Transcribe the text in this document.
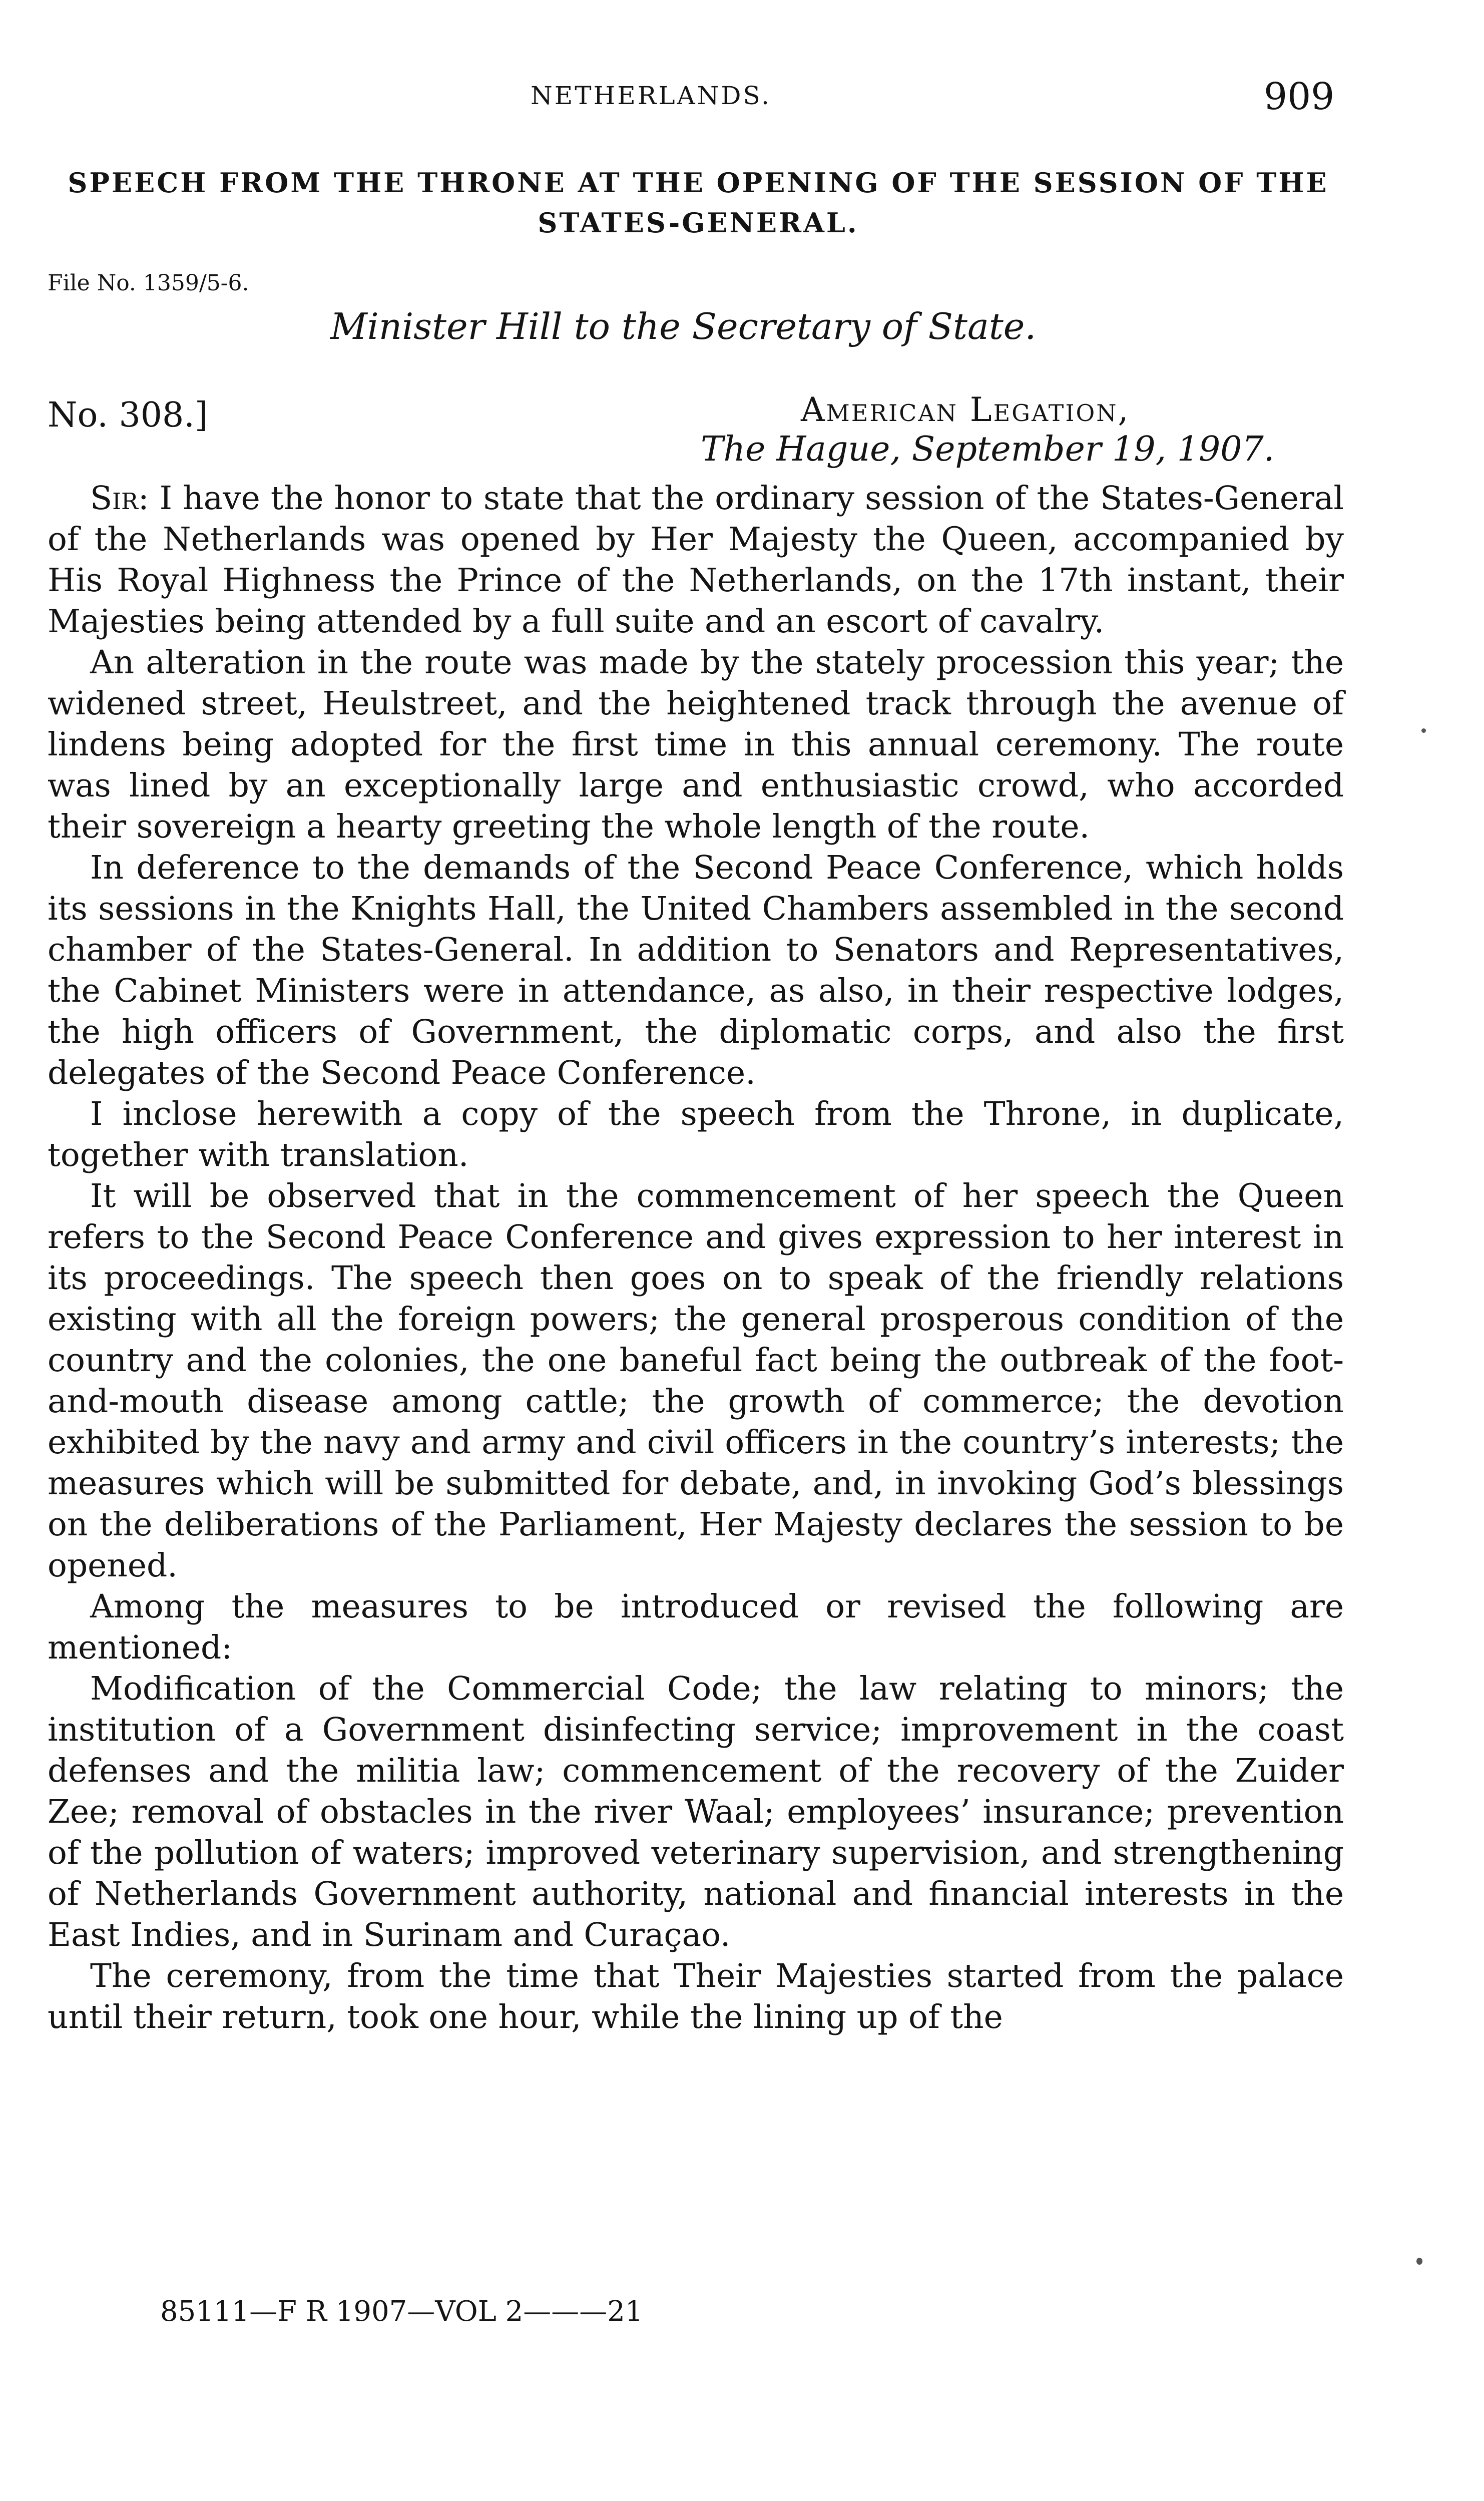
NETHERLANDS.	909
SPEECH FROM THE THRONE AT THE OPENING OF THE SESSION OF THE STATES-GENERAL.
File No. 1359/5-6.
Minister Hill to the Secretary of State.
No. 308.]	American Legation,
The Hague, September 19, 1907.

Sir: I have the honor to state that the ordinary session of the States-General of the Netherlands was opened by Her Majesty the Queen, accompanied by His Royal Highness the Prince of the Netherlands, on the 17th instant, their Majesties being attended by a full suite and an escort of cavalry.

An alteration in the route was made by the stately procession this year; the widened street, Heulstreet, and the heightened track through the avenue of lindens being adopted for the first time in this annual ceremony. The route was lined by an exceptionally large and enthusiastic crowd, who accorded their sovereign a hearty greeting the whole length of the route.

In deference to the demands of the Second Peace Conference, which holds its sessions in the Knights Hall, the United Chambers assembled in the second chamber of the States-General. In addition to Senators and Representatives, the Cabinet Ministers were in attendance, as also, in their respective lodges, the high officers of Government, the diplomatic corps, and also the first delegates of the Second Peace Conference.

I inclose herewith a copy of the speech from the Throne, in duplicate, together with translation.

It will be observed that in the commencement of her speech the Queen refers to the Second Peace Conference and gives expression to her interest in its proceedings. The speech then goes on to speak of the friendly relations existing with all the foreign powers; the general prosperous condition of the country and the colonies, the one baneful fact being the outbreak of the foot-and-mouth disease among cattle; the growth of commerce; the devotion exhibited by the navy and army and civil officers in the country’s interests; the measures which will be submitted for debate, and, in invoking God’s blessings on the deliberations of the Parliament, Her Majesty declares the session to be opened.

Among the measures to be introduced or revised the following are mentioned:

Modification of the Commercial Code; the law relating to minors; the institution of a Government disinfecting service; improvement in the coast defenses and the militia law; commencement of the recovery of the Zuider Zee; removal of obstacles in the river Waal; employees’ insurance; prevention of the pollution of waters; improved veterinary supervision, and strengthening of Netherlands Government authority, national and financial interests in the East Indies, and in Surinam and Curaçao.

The ceremony, from the time that Their Majesties started from the palace until their return, took one hour, while the lining up of the

85111—F R 1907—VOL 2———21
